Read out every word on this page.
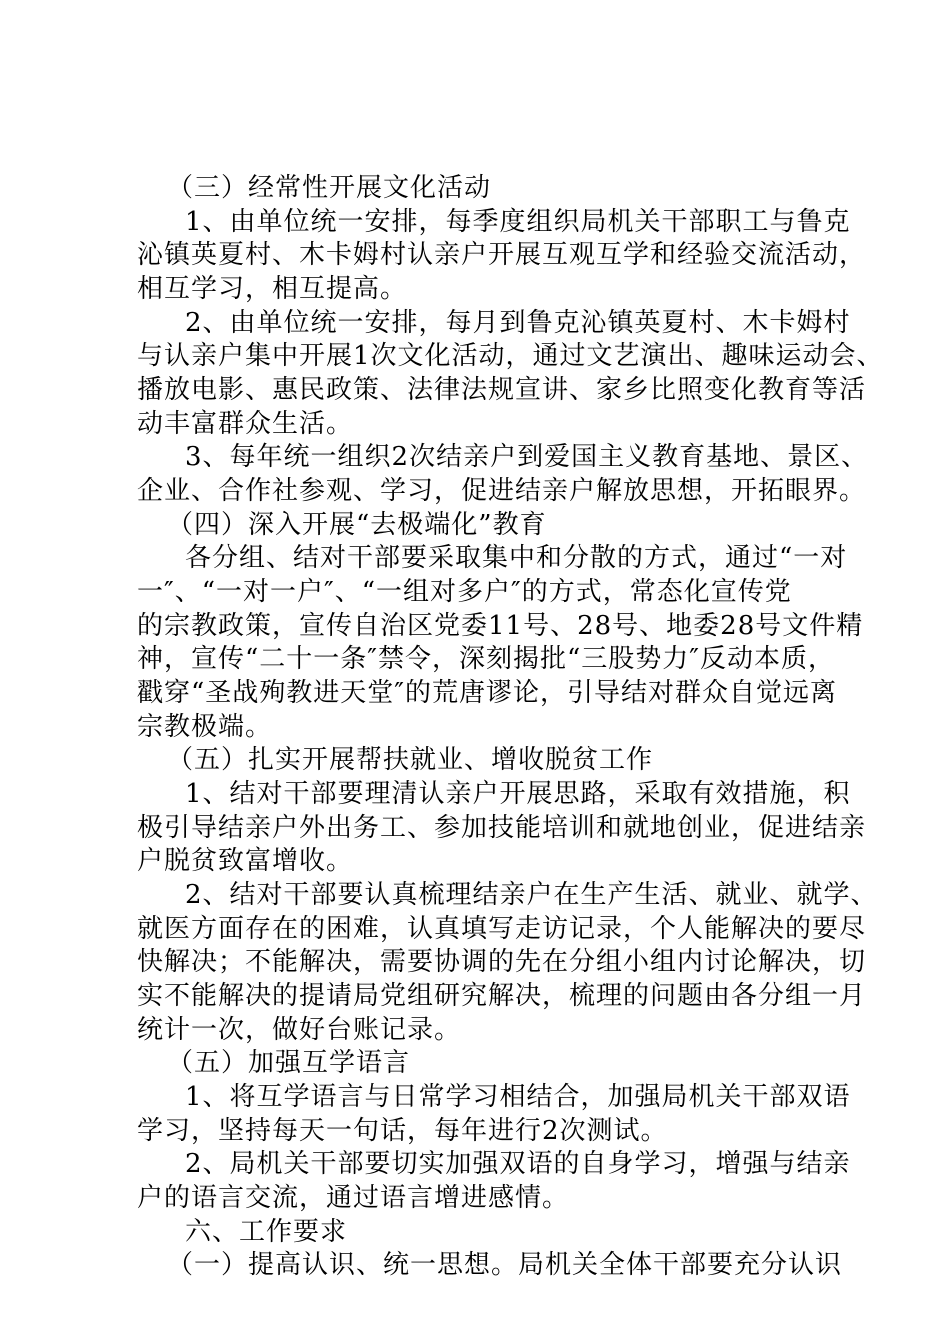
（三）经常性开展文化活动
1、由单位统一安排，每季度组织局机关干部职工与鲁克
沁镇英夏村、木卡姆村认亲户开展互观互学和经验交流活动，
相互学习，相互提高。
2、由单位统一安排，每月到鲁克沁镇英夏村、木卡姆村
与认亲户集中开展1次文化活动，通过文艺演出、趣味运动会、
播放电影、惠民政策、法律法规宣讲、家乡比照变化教育等活
动丰富群众生活。
3、每年统一组织2次结亲户到爱国主义教育基地、景区、
企业、合作社参观、学习，促进结亲户解放思想，开拓眼界。
（四）深入开展“去极端化”教育
各分组、结对干部要采取集中和分散的方式，通过“一对
一″、“一对一户″、“一组对多户″的方式，常态化宣传党
的宗教政策，宣传自治区党委11号、28号、地委28号文件精
神，宣传“二十一条″禁令，深刻揭批“三股势力″反动本质，
戳穿“圣战殉教进天堂″的荒唐谬论，引导结对群众自觉远离
宗教极端。
（五）扎实开展帮扶就业、增收脱贫工作
1、结对干部要理清认亲户开展思路，采取有效措施，积
极引导结亲户外出务工、参加技能培训和就地创业，促进结亲
户脱贫致富增收。
2、结对干部要认真梳理结亲户在生产生活、就业、就学、
就医方面存在的困难，认真填写走访记录，个人能解决的要尽
快解决；不能解决，需要协调的先在分组小组内讨论解决，切
实不能解决的提请局党组研究解决，梳理的问题由各分组一月
统计一次，做好台账记录。
（五）加强互学语言
1、将互学语言与日常学习相结合，加强局机关干部双语
学习，坚持每天一句话，每年进行2次测试。
2、局机关干部要切实加强双语的自身学习，增强与结亲
户的语言交流，通过语言增进感情。
六、工作要求
（一）提高认识、统一思想。局机关全体干部要充分认识
